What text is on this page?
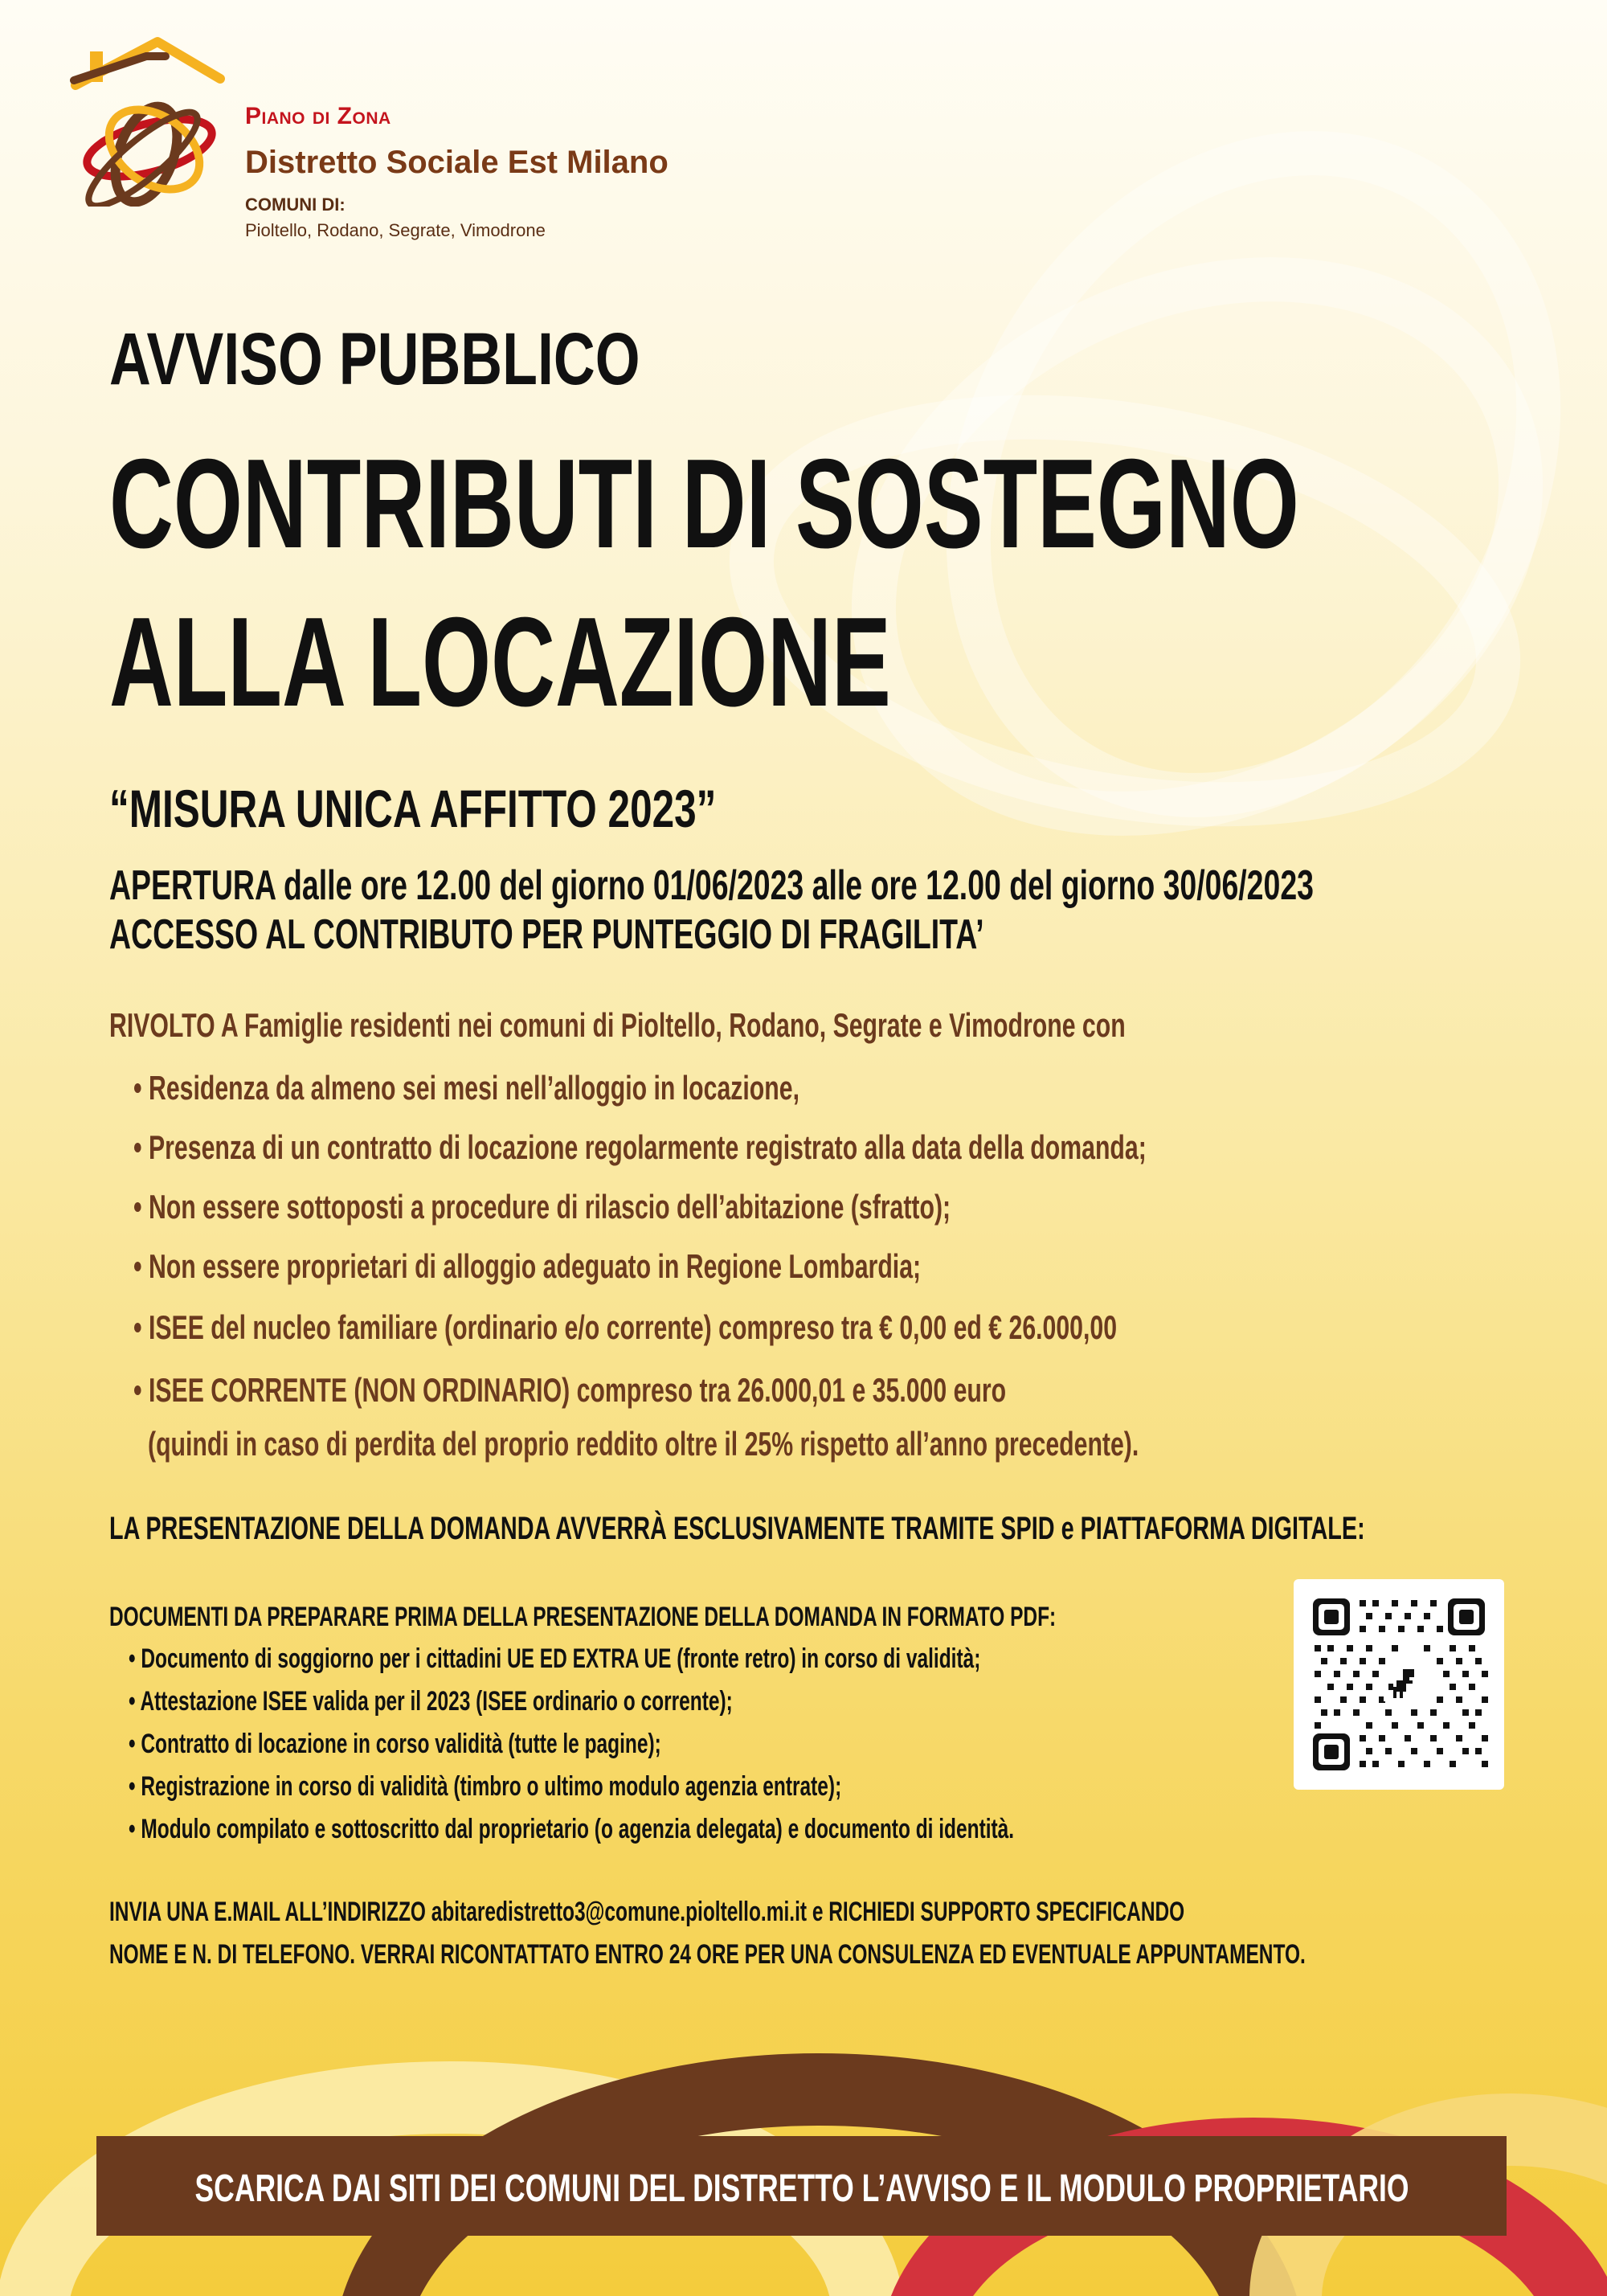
Piano di Zona
Distretto Sociale Est Milano
COMUNI DI:
Pioltello, Rodano, Segrate, Vimodrone
AVVISO PUBBLICO
CONTRIBUTI DI SOSTEGNO
ALLA LOCAZIONE
“MISURA UNICA AFFITTO 2023”
APERTURA dalle ore 12.00 del giorno 01/06/2023 alle ore 12.00 del giorno 30/06/2023
ACCESSO AL CONTRIBUTO PER PUNTEGGIO DI FRAGILITA’
RIVOLTO A Famiglie residenti nei comuni di Pioltello, Rodano, Segrate e Vimodrone con
• Residenza da almeno sei mesi nell’alloggio in locazione,
• Presenza di un contratto di locazione regolarmente registrato alla data della domanda;
• Non essere sottoposti a procedure di rilascio dell’abitazione (sfratto);
• Non essere proprietari di alloggio adeguato in Regione Lombardia;
• ISEE del nucleo familiare (ordinario e/o corrente) compreso tra € 0,00 ed € 26.000,00
• ISEE CORRENTE (NON ORDINARIO) compreso tra 26.000,01 e 35.000 euro
(quindi in caso di perdita del proprio reddito oltre il 25% rispetto all’anno precedente).
LA PRESENTAZIONE DELLA DOMANDA AVVERRÀ ESCLUSIVAMENTE TRAMITE SPID e PIATTAFORMA DIGITALE:
DOCUMENTI DA PREPARARE PRIMA DELLA PRESENTAZIONE DELLA DOMANDA IN FORMATO PDF:
• Documento di soggiorno per i cittadini UE ED EXTRA UE (fronte retro) in corso di validità;
• Attestazione ISEE valida per il 2023 (ISEE ordinario o corrente);
• Contratto di locazione in corso validità (tutte le pagine);
• Registrazione in corso di validità (timbro o ultimo modulo agenzia entrate);
• Modulo compilato e sottoscritto dal proprietario (o agenzia delegata) e documento di identità.
INVIA UNA E.MAIL ALL’INDIRIZZO abitaredistretto3@comune.pioltello.mi.it e RICHIEDI SUPPORTO SPECIFICANDO
NOME E N. DI TELEFONO. VERRAI RICONTATTATO ENTRO 24 ORE PER UNA CONSULENZA ED EVENTUALE APPUNTAMENTO.
SCARICA DAI SITI DEI COMUNI DEL DISTRETTO L’AVVISO E IL MODULO PROPRIETARIO
